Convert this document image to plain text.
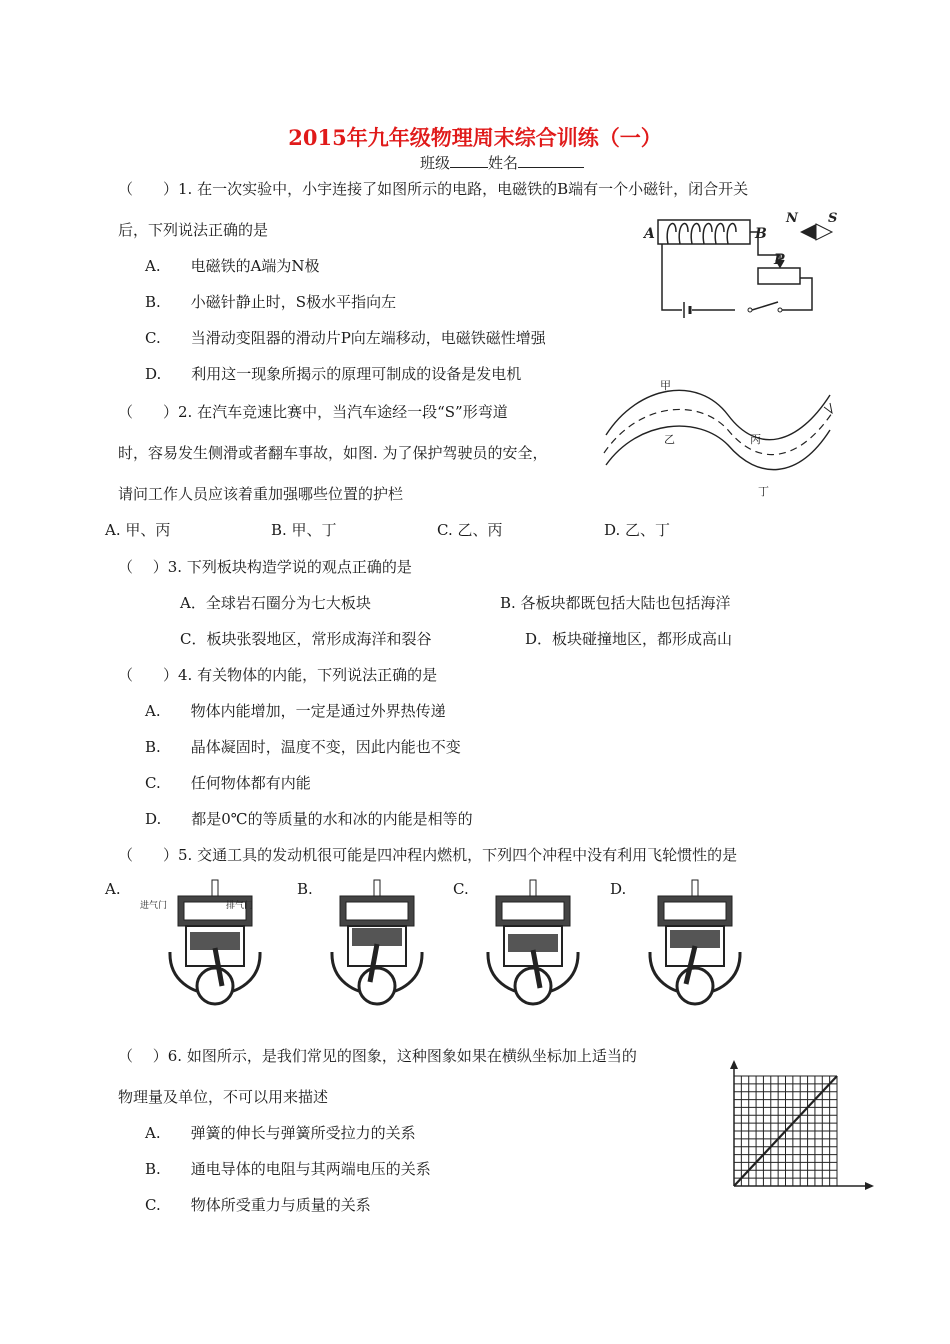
2015年九年级物理周末综合训练（一）
班级	姓名
（　　）1. 在一次实验中，小宇连接了如图所示的电路，电磁铁的B端有一个小磁针，闭合开关
后，下列说法正确的是
A.　　电磁铁的A端为N极
B.　　小磁针静止时，S极水平指向左
C.　　当滑动变阻器的滑动片P向左端移动，电磁铁磁性增强
D.　　利用这一现象所揭示的原理可制成的设备是发电机
A	B
P
N S
（　　）2. 在汽车竞速比赛中，当汽车途经一段“S”形弯道
时，容易发生侧滑或者翻车事故，如图. 为了保护驾驶员的安全，
请问工作人员应该着重加强哪些位置的护栏
A. 甲、丙	B. 甲、丁	C. 乙、丙	D. 乙、丁
甲
乙	丙
丁
（　 ）3. 下列板块构造学说的观点正确的是
A．全球岩石圈分为七大板块	B. 各板块都既包括大陆也包括海洋
C．板块张裂地区，常形成海洋和裂谷	D．板块碰撞地区，都形成高山
（　　）4. 有关物体的内能，下列说法正确的是
A.　　物体内能增加，一定是通过外界热传递
B.　　晶体凝固时，温度不变，因此内能也不变
C.　　任何物体都有内能
D.　　都是0℃的等质量的水和冰的内能是相等的
（　　）5. 交通工具的发动机很可能是四冲程内燃机，下列四个冲程中没有利用飞轮惯性的是
A.	B.	C.	D.
进气门	排气门
（　 ）6. 如图所示，是我们常见的图象，这种图象如果在横纵坐标加上适当的
物理量及单位，不可以用来描述
A.　　弹簧的伸长与弹簧所受拉力的关系
B.　　通电导体的电阻与其两端电压的关系
C.　　物体所受重力与质量的关系
